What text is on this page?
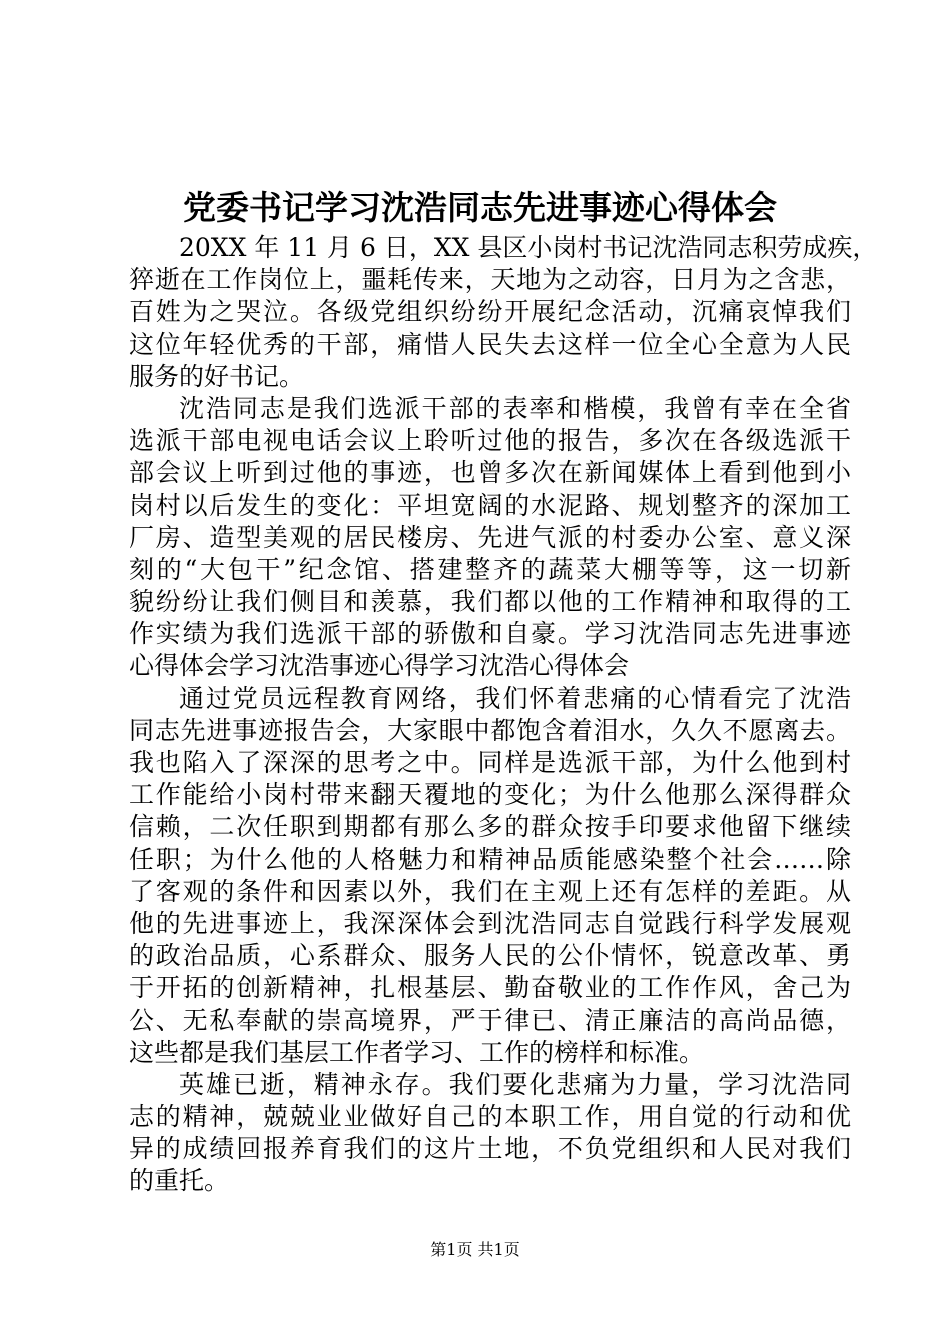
党委书记学习沈浩同志先进事迹心得体会
20XX 年 11 月 6 日，XX 县区小岗村书记沈浩同志积劳成疾，
猝逝在工作岗位上，噩耗传来，天地为之动容，日月为之含悲，
百姓为之哭泣。各级党组织纷纷开展纪念活动，沉痛哀悼我们
这位年轻优秀的干部，痛惜人民失去这样一位全心全意为人民
服务的好书记。
沈浩同志是我们选派干部的表率和楷模，我曾有幸在全省
选派干部电视电话会议上聆听过他的报告，多次在各级选派干
部会议上听到过他的事迹，也曾多次在新闻媒体上看到他到小
岗村以后发生的变化：平坦宽阔的水泥路、规划整齐的深加工
厂房、造型美观的居民楼房、先进气派的村委办公室、意义深
刻的“大包干”纪念馆、搭建整齐的蔬菜大棚等等，这一切新
貌纷纷让我们侧目和羡慕，我们都以他的工作精神和取得的工
作实绩为我们选派干部的骄傲和自豪。学习沈浩同志先进事迹
心得体会学习沈浩事迹心得学习沈浩心得体会
通过党员远程教育网络，我们怀着悲痛的心情看完了沈浩
同志先进事迹报告会，大家眼中都饱含着泪水，久久不愿离去。
我也陷入了深深的思考之中。同样是选派干部，为什么他到村
工作能给小岗村带来翻天覆地的变化；为什么他那么深得群众
信赖，二次任职到期都有那么多的群众按手印要求他留下继续
任职；为什么他的人格魅力和精神品质能感染整个社会……除
了客观的条件和因素以外，我们在主观上还有怎样的差距。从
他的先进事迹上，我深深体会到沈浩同志自觉践行科学发展观
的政治品质，心系群众、服务人民的公仆情怀，锐意改革、勇
于开拓的创新精神，扎根基层、勤奋敬业的工作作风，舍己为
公、无私奉献的崇高境界，严于律已、清正廉洁的高尚品德，
这些都是我们基层工作者学习、工作的榜样和标准。
英雄已逝，精神永存。我们要化悲痛为力量，学习沈浩同
志的精神，兢兢业业做好自己的本职工作，用自觉的行动和优
异的成绩回报养育我们的这片土地，不负党组织和人民对我们
的重托。
第1页 共1页
